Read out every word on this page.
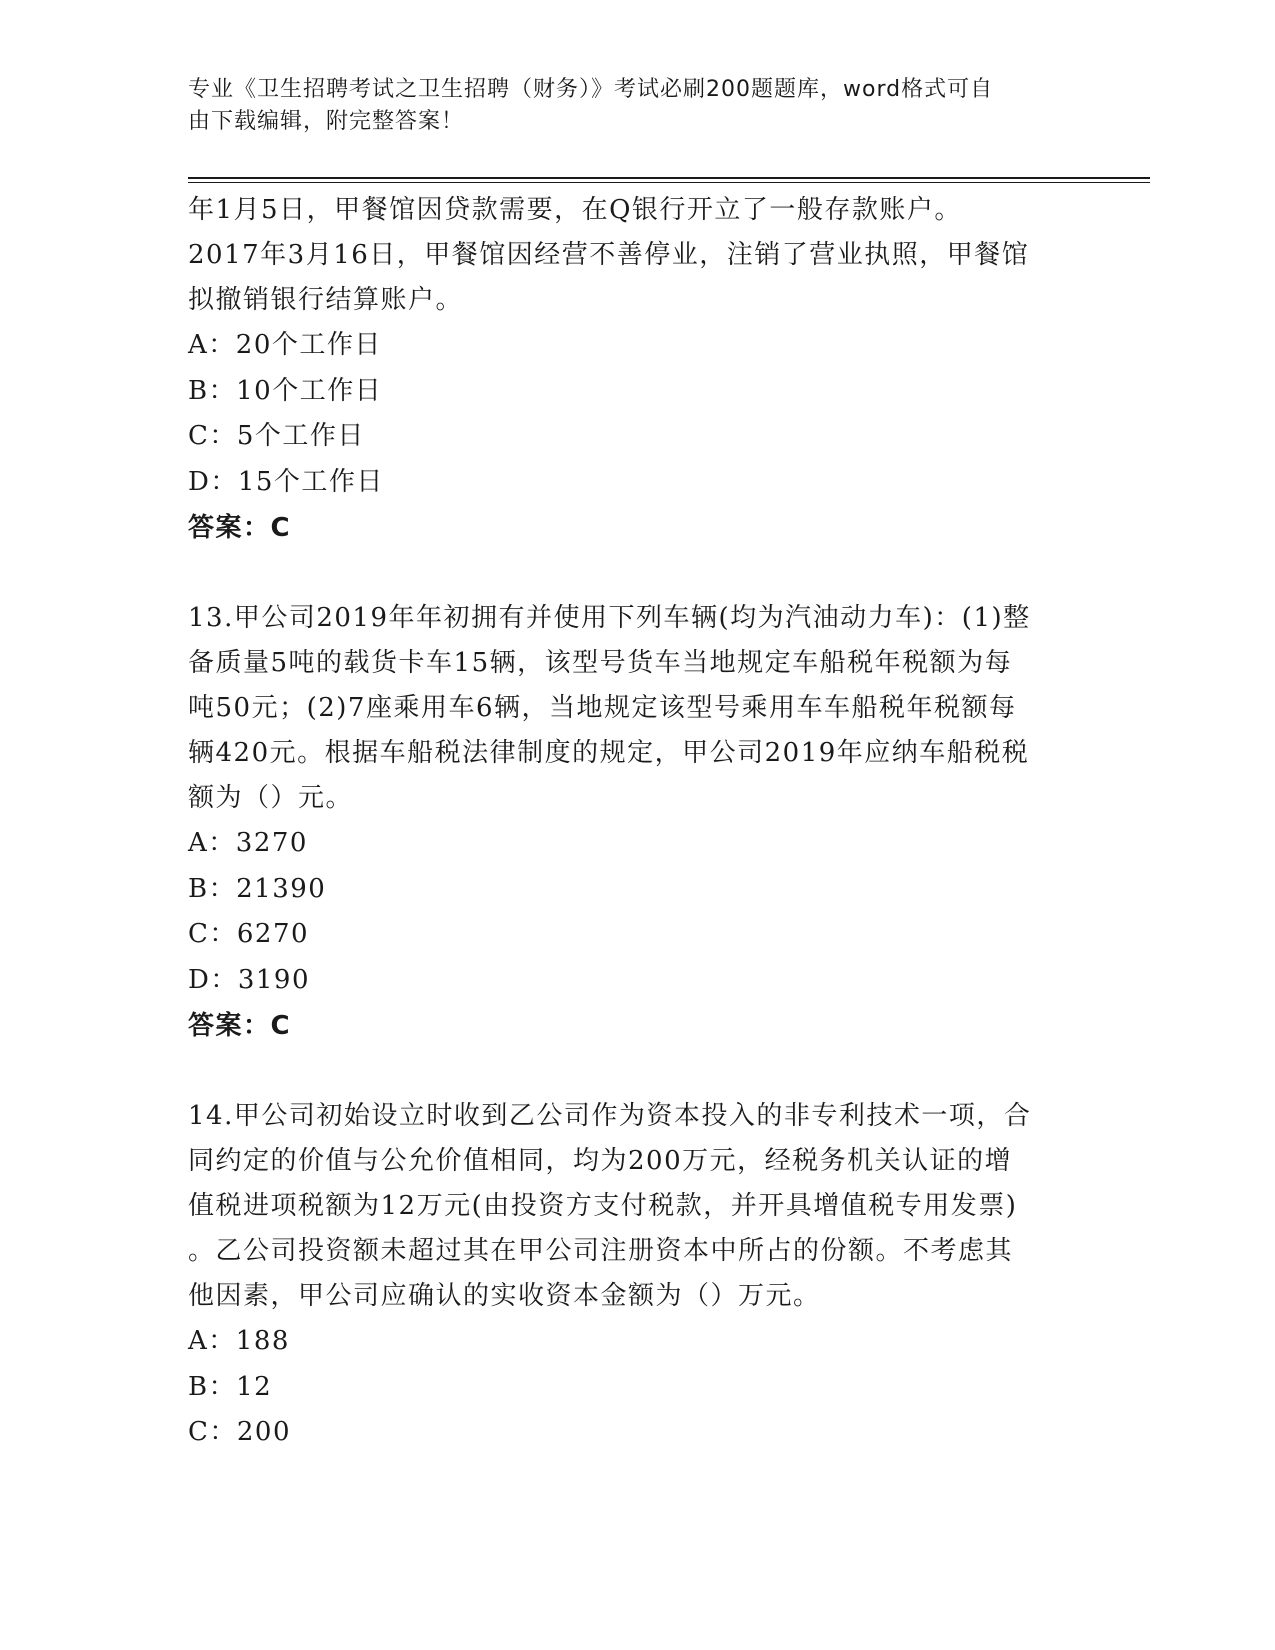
专业《卫生招聘考试之卫生招聘（财务）》考试必刷200题题库，word格式可自
由下载编辑，附完整答案！

年1月5日，甲餐馆因贷款需要，在Q银行开立了一般存款账户。

2017年3月16日，甲餐馆因经营不善停业，注销了营业执照，甲餐馆

拟撤销银行结算账户。

A：20个工作日

B：10个工作日

C：5个工作日

D：15个工作日

答案：C

13.甲公司2019年年初拥有并使用下列车辆(均为汽油动力车)：(1)整

备质量5吨的载货卡车15辆，该型号货车当地规定车船税年税额为每

吨50元；(2)7座乘用车6辆，当地规定该型号乘用车车船税年税额每

辆420元。根据车船税法律制度的规定，甲公司2019年应纳车船税税

额为（）元。

A：3270

B：21390

C：6270

D：3190

答案：C

14.甲公司初始设立时收到乙公司作为资本投入的非专利技术一项，合

同约定的价值与公允价值相同，均为200万元，经税务机关认证的增

值税进项税额为12万元(由投资方支付税款，并开具增值税专用发票)

。乙公司投资额未超过其在甲公司注册资本中所占的份额。不考虑其

他因素，甲公司应确认的实收资本金额为（）万元。

A：188

B：12

C：200
